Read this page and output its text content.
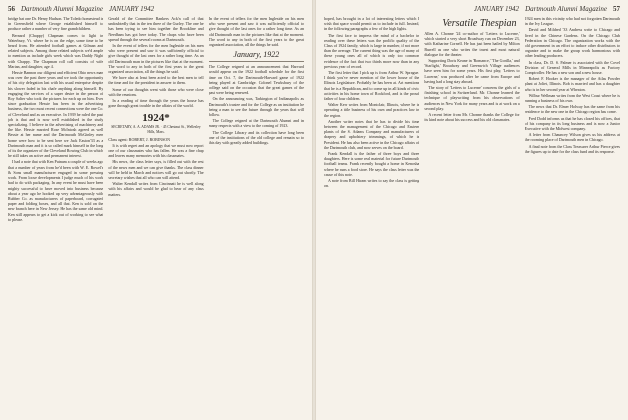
56 Dartmouth Alumni Magazine JANUARY 1942

bridge bat one Dr. Henry Hudson. The Toledo homestead is in Greensfield where George established himself to produce rather a number of very fine grandchildren.

Bernard (Chappy) Chapman comes to light in Waterbury, Vt. where he is on the edge, some time to be heard from. He attended football games at Gilman and related subjects. Among those related subjects we'd ample to mention as include girls week which was Daddy Night with Chappy. The Chapman roll call consists of wife Marian, and daughter, age 4.

Hessie Bannon our diligent and efficient Ohio news man was over the past three years and we took the opportunity of his city delegation last with his usual enterprise despite his slower faded in bis chafe anything along himself. By engaging the services of a super desire in the person of Roy Salter who took the pictures for each up on him. Ever since graduation Hessie has been in the advertising business, the two most recent connections were the one Co. of Cleveland and as an executive. In 1939 he ruled the past job is that and is now well established in the study specializing. I believe in the advertising of machinery and the like. Hessie married Rose McIntosh agreed as well Bessie at her name and the Dartmouth McGinley men home were how to be sent here we Jack Easton'33 as a Dartmouth man and it is so called mark himself in the long of its the organizer of the Cleveland Rowing Club in which he still takes an active and permanent interest.

I had a note that with Ken Putnam a couple of weeks ago that a number of years from he'd been with W. E. Rowel's & Sons small manufacturer engaged in some pressing work. From loose developments I judge much of his work had to do with packaging. In any event he must have been mighty successful to have moved into business because about a year ago he hooked up very advantageously with Rubber Co. as manufacturers of paperboard, corrugated paper and folding boxes, and all that. Ken is sold on the new branch here in New Jersey. He has the same old mind. Ken still appears to get a kick out of working to see what to please.

Gerald of the Committee Rankers Ack'n call of that undoubtedly that in the ten three of the Gurley. The one he has been trying to see him together the Brookline and Needham has got here today. The chaps who have been spread through the several rooms at Dartmouth.

In the event of tellers for the men Ingleside on his men who were present and saw it was sufficiently official to give thought of the last ones for a rather long time. As an old Dartmouth man in the pictures like that at the moment. The word to any in both of the first years to the great organized association, all the things he said.

We have also at least been acted to the best men to tell the time and for the president in answer to them.

Some of our thoughts went with those who were close with the reunions.

In a reading of time through the years the house has gone through great trouble in the affairs of the world.

1924*
SECRETARY, A. A. ADAMS JR. · 45 Chestnut St., Wellesley Hills, Mass.

Class agent: ROBERT, J. ROBINSON

It is with regret and an apology that we must now report one of our classmates who has fallen. He was a fine chap and leaves many memories with his classmates.

His news, the class letter says, is filled out with the rest of the news men and we can give thanks. The class dinner will be held in March and notices will go out shortly. The secretary wishes that all who can will attend.

Walter Kendall writes from Cincinnati he is well along with his affairs and would be glad to hear of any class matters.

In the event of tellers for the men Ingleside on his men who were present and saw it was sufficiently official to give thought of the last ones for a rather long time. As an old Dartmouth man in the pictures like that at the moment. The word to any in both of the first years to the great organized association, all the things he said.

January, 1922

The College reigned at an announcement that Harvard would appear on the 1922 football schedule for the first time on Oct. 7, the Dartmouth-Harvard game of 1922 being played at Cambridge. Colonel Tewksbury of the college said on the occasion that the great games of the past were being renewed.

On the announcing was, Tarkington of Indianapolis as Dartmouth's trustee and for the College as an institution he being a man to see the future through the years that will follow.

The College reigned at the Dartmouth Alumni and in many respects with a view to the coming of 1923.

The College Library and its collection have long been one of the institutions of the old college and remain so to this day with greatly added buildings.

JANUARY 1942 Dartmouth Alumni Magazine 57

hoped, has brought in a lot of interesting letters which I wish that space would permit us to include in full. Instead, in the following paragraphs a few of the high lights.

The first face to impress the mind of a bachelor in reading over these letters was the prolific quality of the Class of 1924 family, which is large in number, if not more than the average. The current thing was the age of many of these young ones all of which is only too common evidence of the fact that two thirds more now than in any previous year of record.

The first letter that I pick up is from Arthur W. Sprague. I think you've never mention of the lower house of the Illinois Legislature. Probably he has been at. Art mentions that he is a Republican, and to come up in all kinds of civic activities in his home town of Rockford, and is the proud father of four children.

Walter Kerr writes from Montclair, Illinois, where he is operating a title business of his own and practices law in the region.

Another writer notes that he has to divide his time between the management of the Chicago and Eastern plants of the S. Adams Company and manufacturers of drapery and upholstery trimmings, of which he is President. He has also been active in the Chicago affairs of the Dartmouth club, and now serves on the board.

Frank Kendall is the father of three boys and three daughters. Here is some real material for future Dartmouth football teams. Frank recently bought a home in Kenosha where he runs a food store. He says the class letter was the cause of this note.

A note from Bill Hiram writes to say the class is getting on.

Versatile Thespian

Allen A. Chonne '24 co-author of 'Letters to Lucerne,' which started a very short Broadway run on December 23, with Katharine Cornell. He has just been hailed by Milton Burrell as one who writes the truest and most natural dialogue for the theater.

Supporting Doris Keane in 'Romance,' 'The Gorilla,' and 'Starlight,' Broadway and Greenwich Village audiences have seen him for some years. His first play, 'Letters to Lucerne,' was produced after he came from Europe and having had a long stay abroad.

The story of 'Letters to Lucerne' concerns the girls of a finishing school in Switzerland. Mr. Chonne learned the technique of playwriting from his observations of audiences in New York for many years and is at work on a second play.

A recent letter from Mr. Chonne thanks the College for its kind note about his success and his old classmates.

1924 men in this vicinity who had not forgotten Dartmouth in the Ivy League.

David and Mildred '33 Andress write to Chicago and lived in the Chinese Gardens. On the Chicago Club Federation in Chicago. The organization works with the old government in an effort to induce other distributors to organize and to make the group work harmonious with other leading producers.

In class, Dr. D. S. Palmer is associated with the Covel Division of General Mills in Minneapolis as Factory Comptroller. He has a new son and a new house.

Robert F. Hooker is the manager of the Atlas Powder plant at Joliet, Illinois. Bob is married and has a daughter who is in her second year at Wheaton.

Wilbur Wellman writes from the West Coast where he is running a business of his own.

The news that Dr. Elmer Holway has the same from his residence to the new one in the Chicago region has come.

Fred Dodd informs us that he has closed his offices, that of his company in its long business and is now a Junior Executive with the Midwest company.

A letter from Chauncey Wilson gives us his address at the rooming place of Dartmouth men in Chicago.

A final note from the Class Treasurer Arthur Pierce gives the figures up to date for the class fund and its response.
